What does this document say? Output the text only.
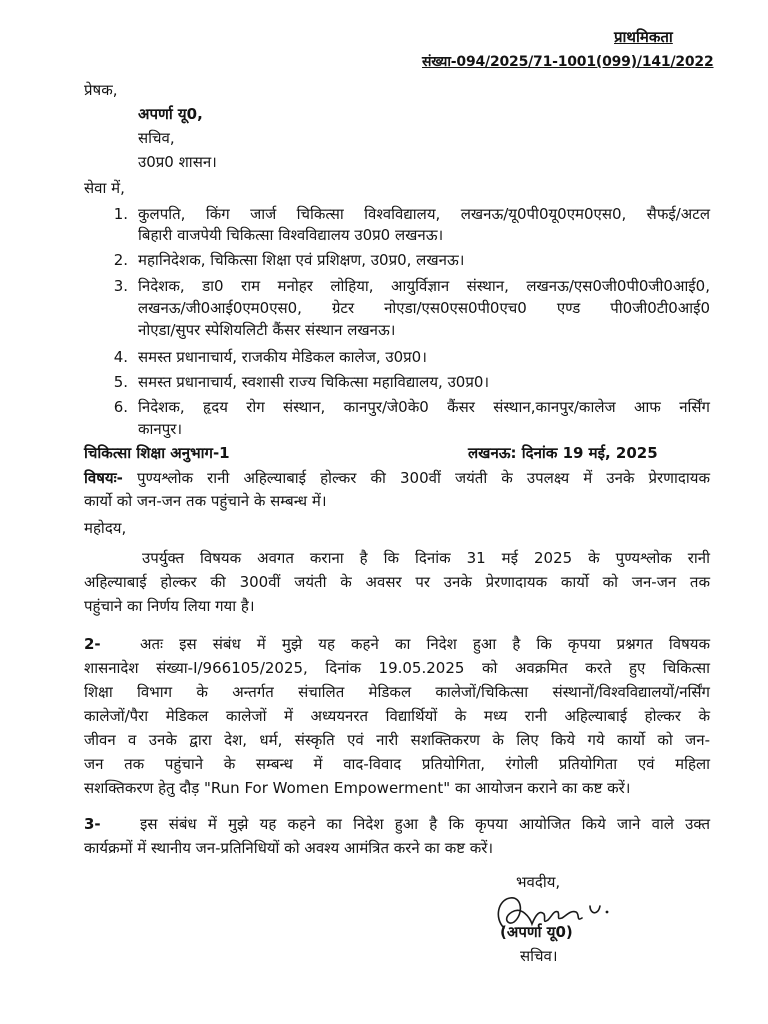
प्राथमिकता
संख्या-094/2025/71-1001(099)/141/2022
प्रेषक,
अपर्णा यू0,
सचिव,
उ0प्र0 शासन।
सेवा में,
1. कुलपति, किंग जार्ज चिकित्सा विश्वविद्यालय, लखनऊ/यू0पी0यू0एम0एस0, सैफई/अटल
बिहारी वाजपेयी चिकित्सा विश्वविद्यालय उ0प्र0 लखनऊ।
2. महानिदेशक, चिकित्सा शिक्षा एवं प्रशिक्षण, उ0प्र0, लखनऊ।
3. निदेशक, डा0 राम मनोहर लोहिया, आयुर्विज्ञान संस्थान, लखनऊ/एस0जी0पी0जी0आई0,
लखनऊ/जी0आई0एम0एस0, ग्रेटर नोएडा/एस0एस0पी0एच0 एण्ड पी0जी0टी0आई0
नोएडा/सुपर स्पेशियलिटी कैंसर संस्थान लखनऊ।
4. समस्त प्रधानाचार्य, राजकीय मेडिकल कालेज, उ0प्र0।
5. समस्त प्रधानाचार्य, स्वशासी राज्य चिकित्सा महाविद्यालय, उ0प्र0।
6. निदेशक, हृदय रोग संस्थान, कानपुर/जे0के0 कैंसर संस्थान,कानपुर/कालेज आफ नर्सिंग
कानपुर।
चिकित्सा शिक्षा अनुभाग-1	लखनऊ: दिनांक 19 मई, 2025
विषयः- पुण्यश्लोक रानी अहिल्याबाई होल्कर की 300वीं जयंती के उपलक्ष्य में उनके प्रेरणादायक
कार्यो को जन-जन तक पहुंचाने के सम्बन्ध में।
महोदय,
उपर्युक्त विषयक अवगत कराना है कि दिनांक 31 मई 2025 के पुण्यश्लोक रानी
अहिल्याबाई होल्कर की 300वीं जयंती के अवसर पर उनके प्रेरणादायक कार्यो को जन-जन तक
पहुंचाने का निर्णय लिया गया है।
2-	अतः इस संबंध में मुझे यह कहने का निदेश हुआ है कि कृपया प्रश्नगत विषयक
शासनादेश संख्या-I/966105/2025, दिनांक 19.05.2025 को अवक्रमित करते हुए चिकित्सा
शिक्षा विभाग के अन्तर्गत संचालित मेडिकल कालेजों/चिकित्सा संस्थानों/विश्वविद्यालयों/नर्सिंग
कालेजों/पैरा मेडिकल कालेजों में अध्ययनरत विद्यार्थियों के मध्य रानी अहिल्याबाई होल्कर के
जीवन व उनके द्वारा देश, धर्म, संस्कृति एवं नारी सशक्तिकरण के लिए किये गये कार्यो को जन-
जन तक पहुंचाने के सम्बन्ध में वाद-विवाद प्रतियोगिता, रंगोली प्रतियोगिता एवं महिला
सशक्तिकरण हेतु दौड़ "Run For Women Empowerment" का आयोजन कराने का कष्ट करें।
3-	इस संबंध में मुझे यह कहने का निदेश हुआ है कि कृपया आयोजित किये जाने वाले उक्त
कार्यक्रमों में स्थानीय जन-प्रतिनिधियों को अवश्य आमंत्रित करने का कष्ट करें।
भवदीय,
(अपर्णा यू0)
सचिव।
